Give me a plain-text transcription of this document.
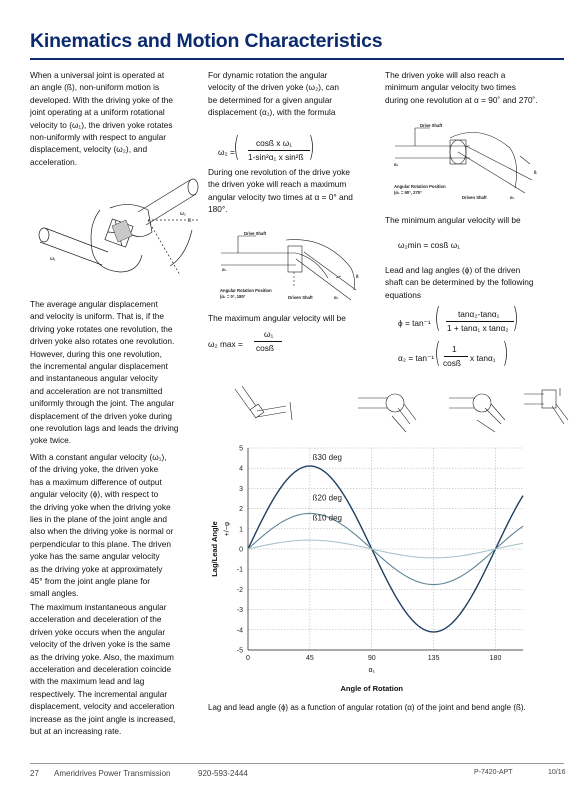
Kinematics and Motion Characteristics
When a universal joint is operated at
an angle (ß), non-uniform motion is
developed. With the driving yoke of the
joint operating at a uniform rotational
velocity to (ω₁), the driven yoke rotates
non-uniformly with respect to angular
displacement, velocity (ω₂), and
acceleration.
ß
ω₂
ω₁
The average angular displacement
and velocity is uniform. That is, if the
driving yoke rotates one revolution, the
driven yoke also rotates one revolution.
However, during this one revolution,
the incremental angular displacement
and instantaneous angular velocity
and acceleration are not transmitted
uniformly through the joint. The angular
displacement of the driven yoke during
one revolution lags and leads the driving
yoke twice.
With a constant angular velocity (ω₁),
of the driving yoke, the driven yoke
has a maximum difference of output
angular velocity (ϕ), with respect to
the driving yoke when the driving yoke
lies in the plane of the joint angle and
also when the driving yoke is normal or
perpendicular to this plane. The driven
yoke has the same angular velocity
as the driving yoke at approximately
45° from the joint angle plane for
small angles.
The maximum instantaneous angular
acceleration and deceleration of the
driven yoke occurs when the angular
velocity of the driven yoke is the same
as the driving yoke. Also, the maximum
acceleration and deceleration coincide
with the maximum lead and lag
respectively. The incremental angular
displacement, velocity and acceleration
increase as the joint angle is increased,
but at an increasing rate.
For dynamic rotation the angular
velocity of the driven yoke (ω₂), can
be determined for a given angular
displacement (α₁), with the formula
ω₂ =
( cosß x ω₁
1-sin²α₁ x sin²ß )
During one revolution of the drive yoke
the driven yoke will reach a maximum
angular velocity two times at α = 0° and
180°.
Drive Shaft
α₁
ß
Angular Rotation Position
(α₁ = 0°, 180°	Driven Shaft	α₁
The maximum angular velocity will be
ω₂ max =
ω₁
cosß
The driven yoke will also reach a
minimum angular velocity two times
during one revolution at α = 90˚ and 270˚.
Drive Shaft
α₁
ß
Angular Rotation Position
(α₁ = 90°, 270°
Driven Shaft	α₁
The minimum angular velocity will be
ω₂min = cosß ω₁
Lead and lag angles (ϕ) of the driven
shaft can be determined by the following
equations
ϕ = tan⁻¹ ( tanα₂-tanα₁
1 + tanα₁ x tanα₂ )
α₂ = tan⁻¹ ( 1
cosß x tanα₁ )
5
4
3
2
1
0
-1
-2
-3
-4
-5
0	45	90	135	180
ß30 deg
ß20 deg
ß10 deg
Angle of Rotation
α₁
Lag/Lead Angle +/−φ
Lag and lead angle (ϕ) as a function of angular rotation (α) of the joint and bend angle (ß).
27 Ameridrives Power Transmission	920-593-2444	P-7420-APT	10/16
